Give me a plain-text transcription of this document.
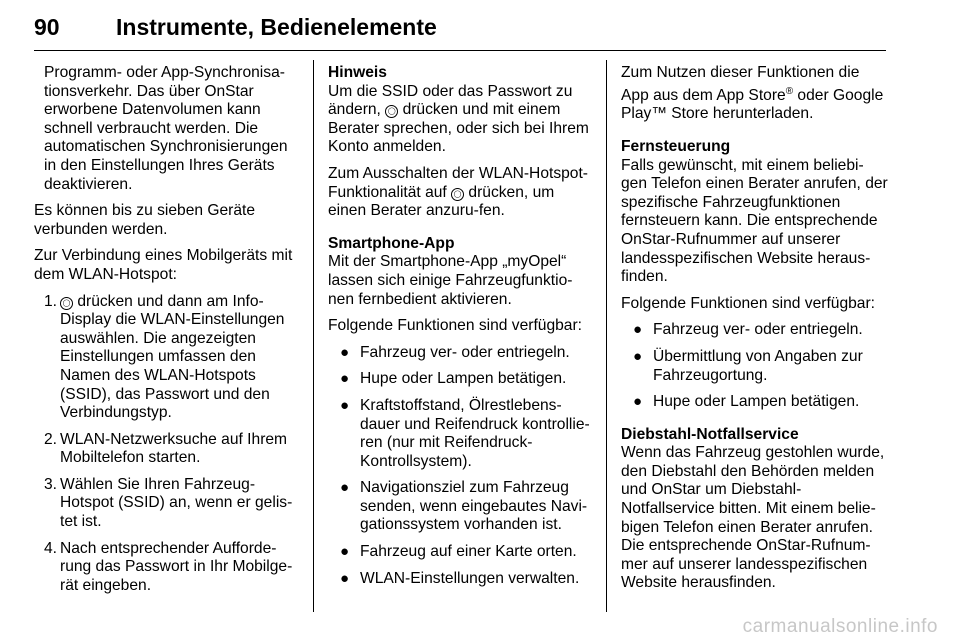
90 Instrumente, Bedienelemente
Programm- oder App-Synchronisa-tionsverkehr. Das über OnStar erworbene Datenvolumen kann schnell verbraucht werden. Die automatischen Synchronisierungen in den Einstellungen Ihres Geräts deaktivieren.

Es können bis zu sieben Geräte verbunden werden.

Zur Verbindung eines Mobilgeräts mit dem WLAN-Hotspot:

1. ◯ drücken und dann am Info-Display die WLAN-Einstellungen auswählen. Die angezeigten Einstellungen umfassen den Namen des WLAN-Hotspots (SSID), das Passwort und den Verbindungstyp.
2. WLAN-Netzwerksuche auf Ihrem Mobiltelefon starten.
3. Wählen Sie Ihren Fahrzeug-Hotspot (SSID) an, wenn er gelis-tet ist.
4. Nach entsprechender Aufforde-rung das Passwort in Ihr Mobilge-rät eingeben.
Hinweis
Um die SSID oder das Passwort zu ändern, ◯ drücken und mit einem Berater sprechen, oder sich bei Ihrem Konto anmelden.

Zum Ausschalten der WLAN-Hotspot-Funktionalität auf ◯ drücken, um einen Berater anzuru-fen.

Smartphone-App

Mit der Smartphone-App „myOpel“ lassen sich einige Fahrzeugfunktio-nen fernbedient aktivieren.

Folgende Funktionen sind verfügbar:

● Fahrzeug ver- oder entriegeln.
● Hupe oder Lampen betätigen.
● Kraftstoffstand, Ölrestlebens-dauer und Reifendruck kontrollie-ren (nur mit Reifendruck-Kontrollsystem).
● Navigationsziel zum Fahrzeug senden, wenn eingebautes Navi-gationssystem vorhanden ist.
● Fahrzeug auf einer Karte orten.
● WLAN-Einstellungen verwalten.

Zum Nutzen dieser Funktionen die App aus dem App Store® oder Google Play™ Store herunterladen.

Fernsteuerung

Falls gewünscht, mit einem beliebi-gen Telefon einen Berater anrufen, der spezifische Fahrzeugfunktionen fernsteuern kann. Die entsprechende OnStar-Rufnummer auf unserer landesspezifischen Website heraus-finden.

Folgende Funktionen sind verfügbar:

● Fahrzeug ver- oder entriegeln.
● Übermittlung von Angaben zur Fahrzeugortung.
● Hupe oder Lampen betätigen.
Diebstahl-Notfallservice

Wenn das Fahrzeug gestohlen wurde, den Diebstahl den Behörden melden und OnStar um Diebstahl-Notfallservice bitten. Mit einem belie-bigen Telefon einen Berater anrufen. Die entsprechende OnStar-Rufnum-mer auf unserer landesspezifischen Website herausfinden.

carmanualsonline.info
